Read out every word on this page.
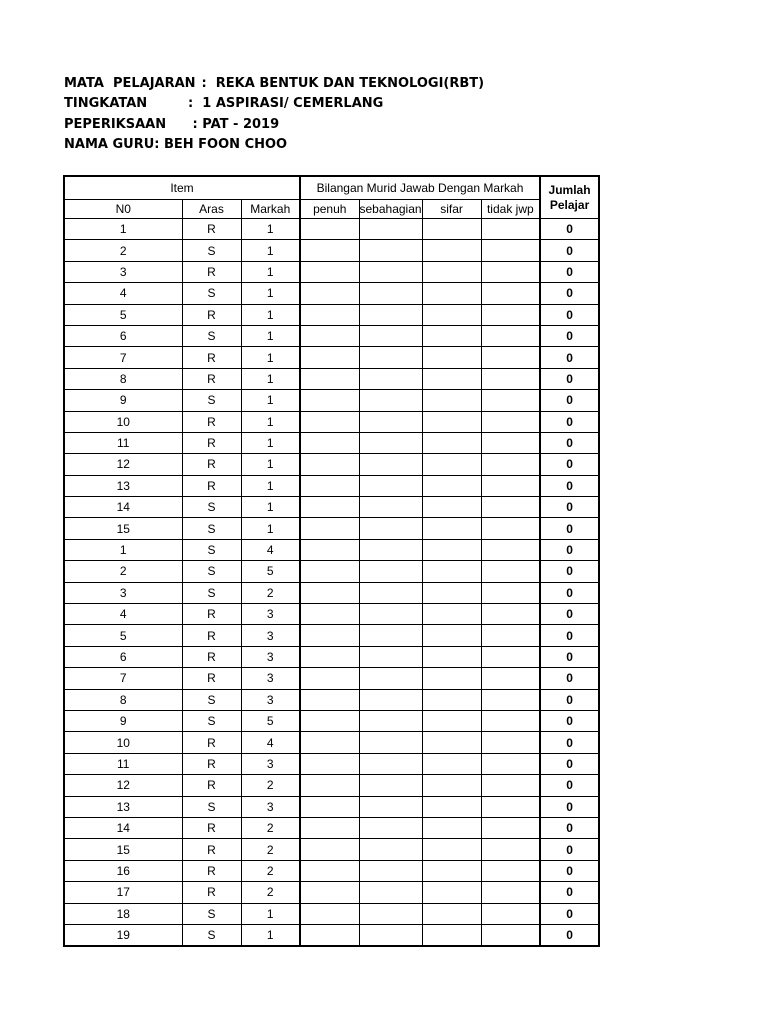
MATA  PELAJARAN : REKA BENTUK DAN TEKNOLOGI(RBT)
TINGKATAN	: 1 ASPIRASI/ CEMERLANG
PEPERIKSAAN	: PAT - 2019
NAMA GURU: BEH FOON CHOO
Item			Bilangan Murid Jawab Dengan Markah				Jumlah
Pelajar

N0	Aras	Markah	penuh	sebahagian	sifar	tidak jwp	
1	R	1					0
2	S	1					0
3	R	1					0
4	S	1					0
5	R	1					0
6	S	1					0
7	R	1					0
8	R	1					0
9	S	1					0
10	R	1					0
11	R	1					0
12	R	1					0
13	R	1					0
14	S	1					0
15	S	1					0
1	S	4					0
2	S	5					0
3	S	2					0
4	R	3					0
5	R	3					0
6	R	3					0
7	R	3					0
8	S	3					0
9	S	5					0
10	R	4					0
11	R	3					0
12	R	2					0
13	S	3					0
14	R	2					0
15	R	2					0
16	R	2					0
17	R	2					0
18	S	1					0
19	S	1					0
